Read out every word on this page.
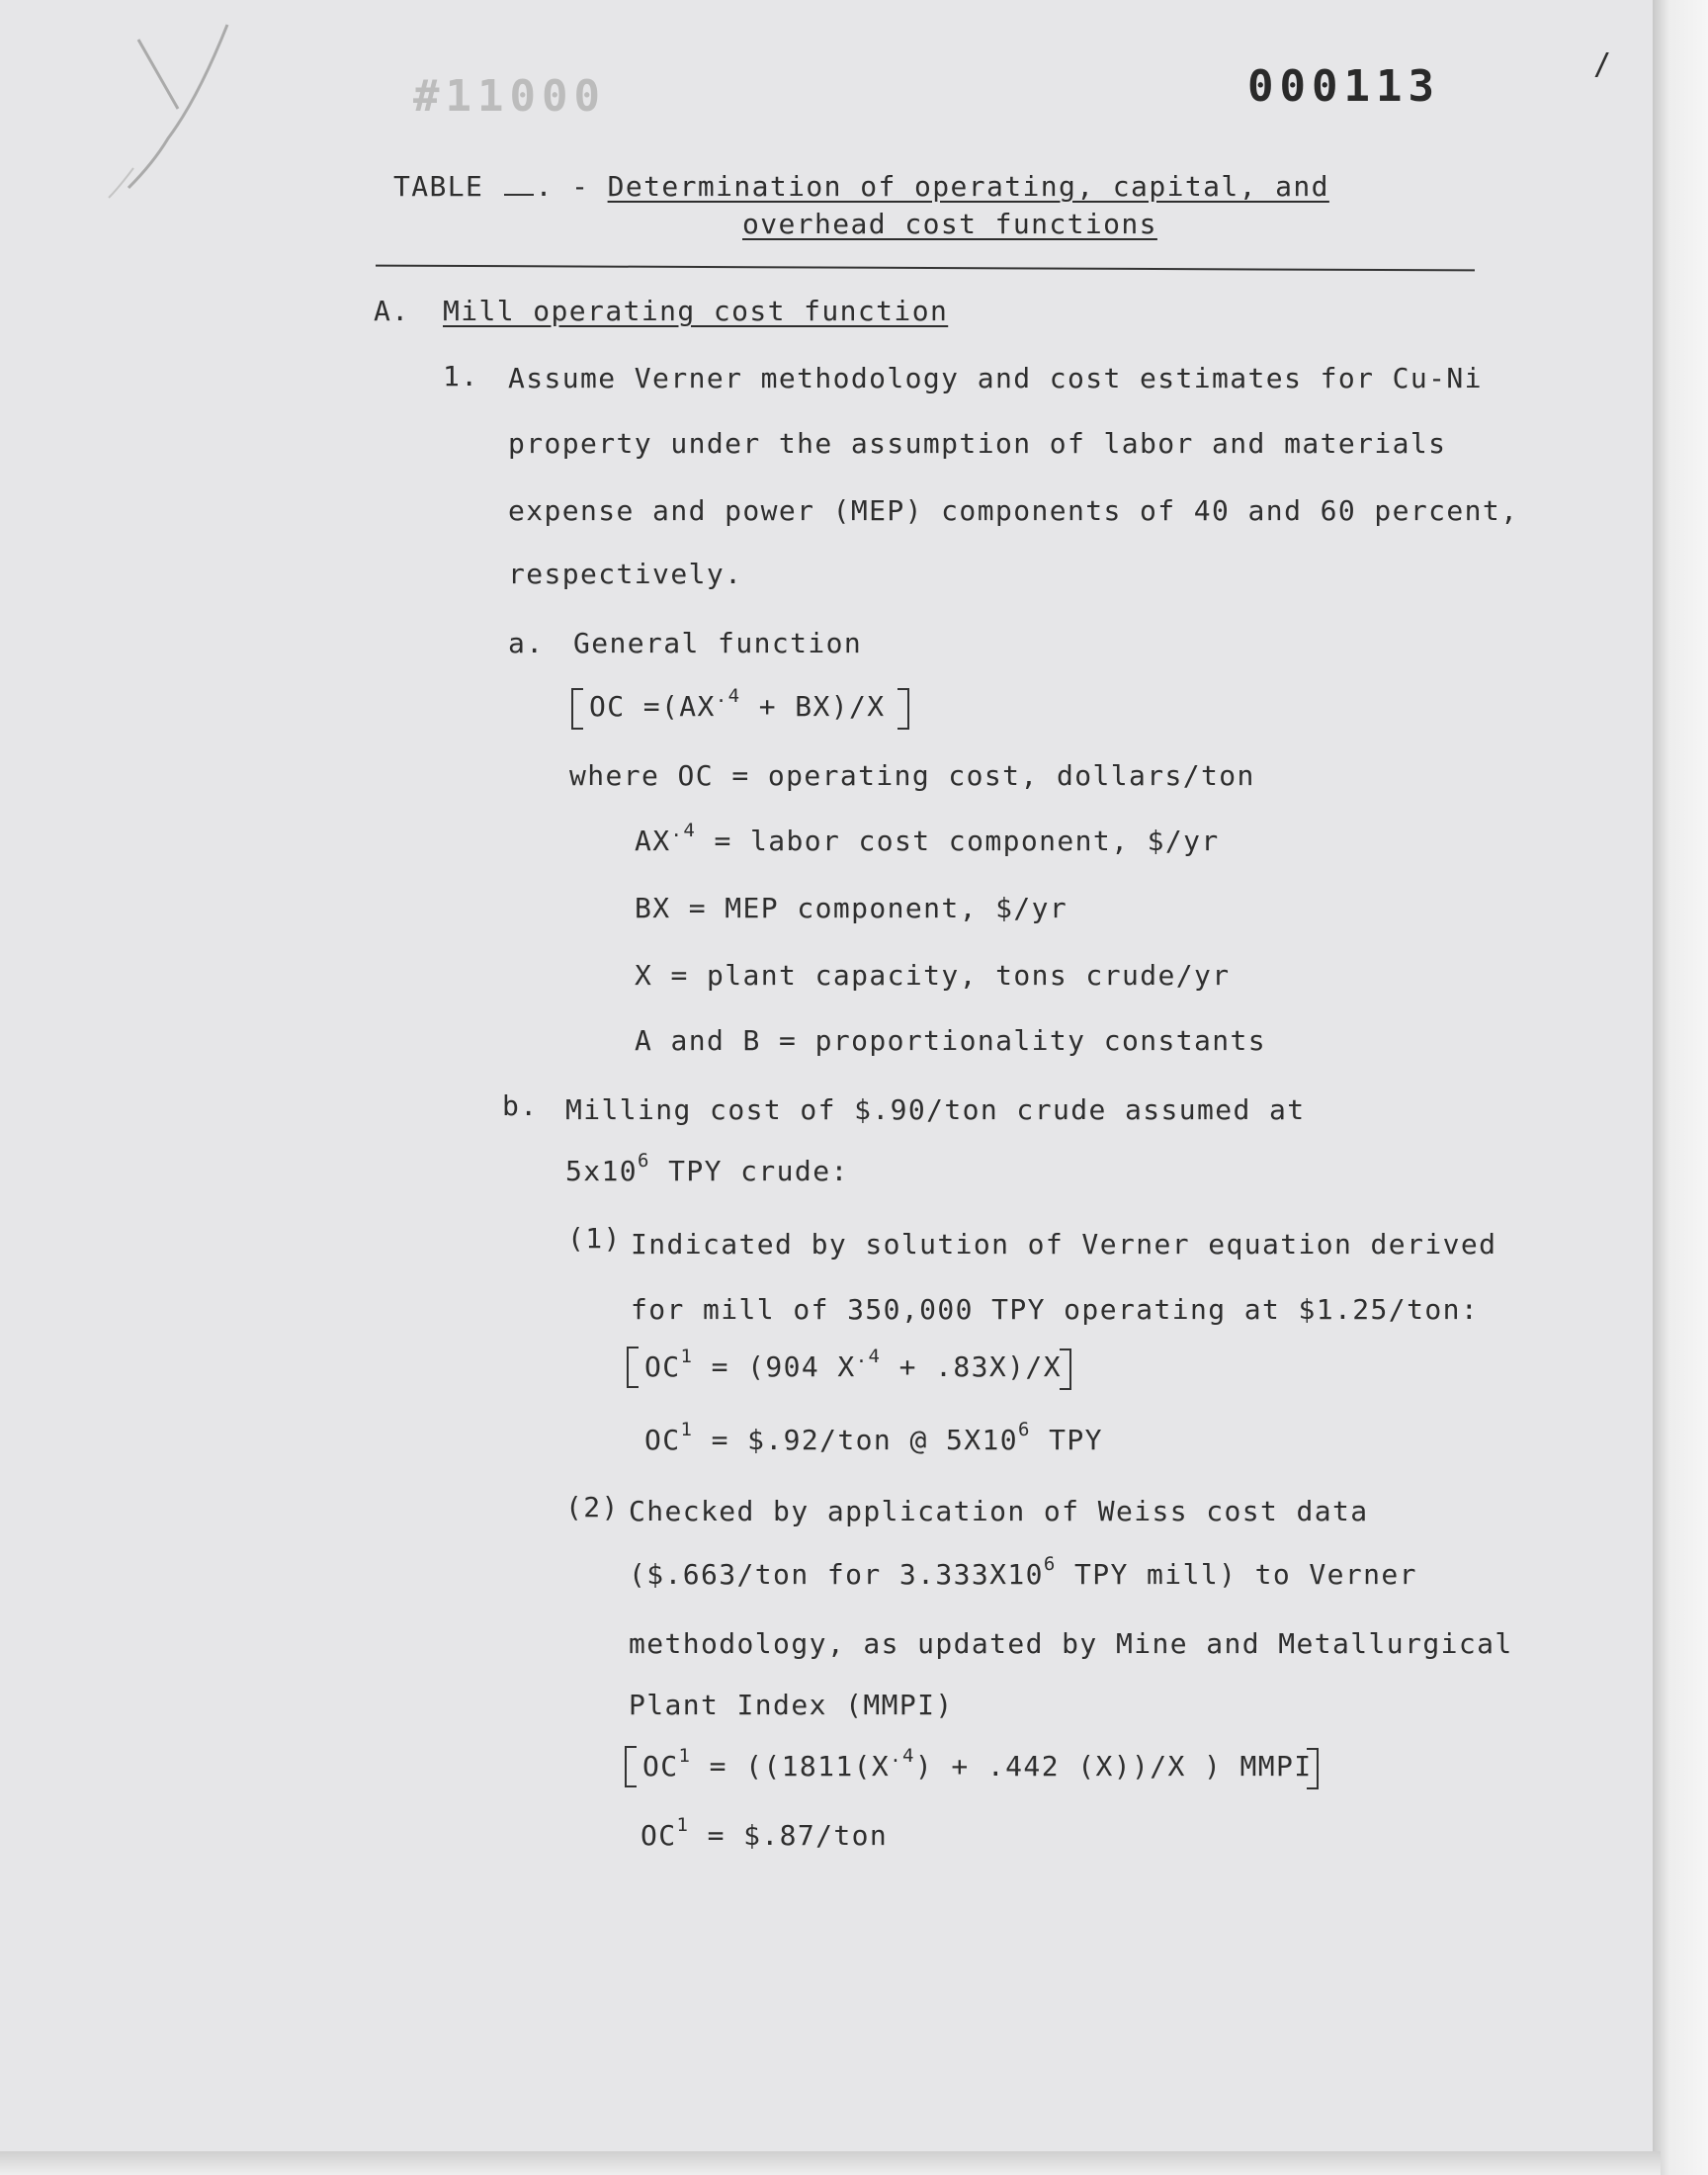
#11000	000113	/
TABLE . - Determination of operating, capital, and
overhead cost functions
A. Mill operating cost function
1. Assume Verner methodology and cost estimates for Cu-Ni
property under the assumption of labor and materials
expense and power (MEP) components of 40 and 60 percent,
respectively.
a. General function
OC $=(AX^{.4} + BX)/X$
where OC = operating cost, dollars/ton
$AX^{.4}$ = labor cost component, $/yr
BX = MEP component, $/yr
X = plant capacity, tons crude/yr
A and B = proportionality constants
b. Milling cost of $.90/ton crude assumed at
$5x10^6$ TPY crude:
(1) Indicated by solution of Verner equation derived
for mill of 350,000 TPY operating at $1.25/ton:
$OC^1 = (904$ $X^{.4} + .83X)/X$
$OC^1$ = $.92/ton @ $5X10^6$ TPY
(2) Checked by application of Weiss cost data
($.663/ton for $3.333X10^6$ TPY mill) to Verner
methodology, as updated by Mine and Metallurgical
Plant Index (MMPI)
$OC^1 = ((1811(X^{.4}) + .442$ (X))/X ) MMPI
$OC^1$ = $.87/ton
